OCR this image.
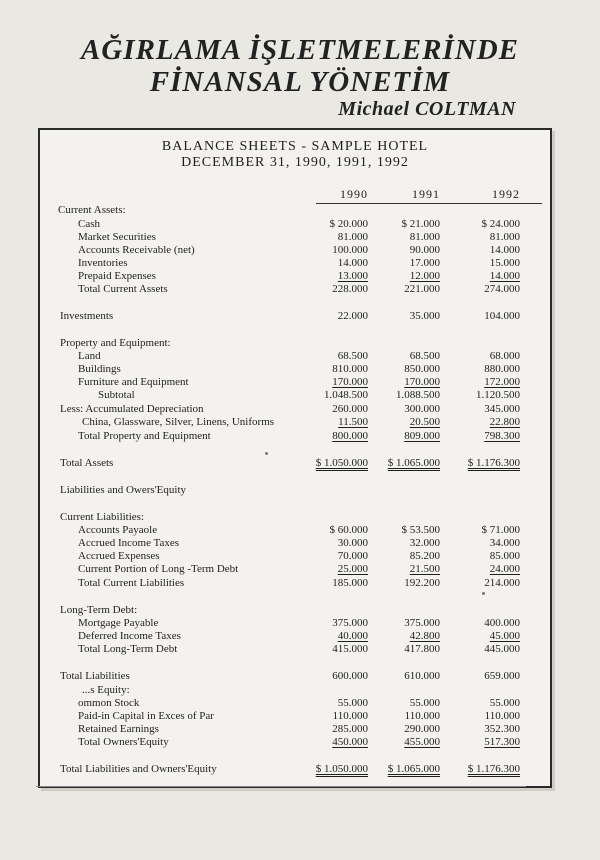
AĞIRLAMA İŞLETMELERİNDE
FİNANSAL YÖNETİM
Michael COLTMAN
BALANCE SHEETS - SAMPLE HOTEL
DECEMBER 31, 1990, 1991, 1992
1990	1991	1992
Current Assets:
Cash	$ 20.000	$ 21.000	$ 24.000
Market Securities	81.000	81.000	81.000
Accounts Receivable (net)	100.000	90.000	14.000
Inventories	14.000	17.000	15.000
Prepaid Expenses	13.000	12.000	14.000
Total Current Assets	228.000	221.000	274.000
Investments	22.000	35.000	104.000
Property and Equipment:
Land	68.500	68.500	68.000
Buildings	810.000	850.000	880.000
Furniture and Equipment	170.000	170.000	172.000
Subtotal	1.048.500	1.088.500	1.120.500
Less: Accumulated Depreciation	260.000	300.000	345.000
China, Glassware, Silver, Linens, Uniforms	11.500	20.500	22.800
Total Property and Equipment	800.000	809.000	798.300
Total Assets	$ 1.050.000	$ 1.065.000	$ 1.176.300
Liabilities and Owers'Equity
Current Liabilities:
Accounts Payaole	$ 60.000	$ 53.500	$ 71.000
Accrued Income Taxes	30.000	32.000	34.000
Accrued Expenses	70.000	85.200	85.000
Current Portion of Long -Term Debt	25.000	21.500	24.000
Total Current Liabilities	185.000	192.200	214.000
Long-Term Debt:
Mortgage Payable	375.000	375.000	400.000
Deferred Income Taxes	40.000	42.800	45.000
Total Long-Term Debt	415.000	417.800	445.000
Total Liabilities	600.000	610.000	659.000
...s Equity:
ommon Stock	55.000	55.000	55.000
Paid-in Capital in Exces of Par	110.000	110.000	110.000
Retained Earnings	285.000	290.000	352.300
Total Owners'Equity	450.000	455.000	517.300
Total Liabilities and Owners'Equity	$ 1.050.000	$ 1.065.000	$ 1.176.300
